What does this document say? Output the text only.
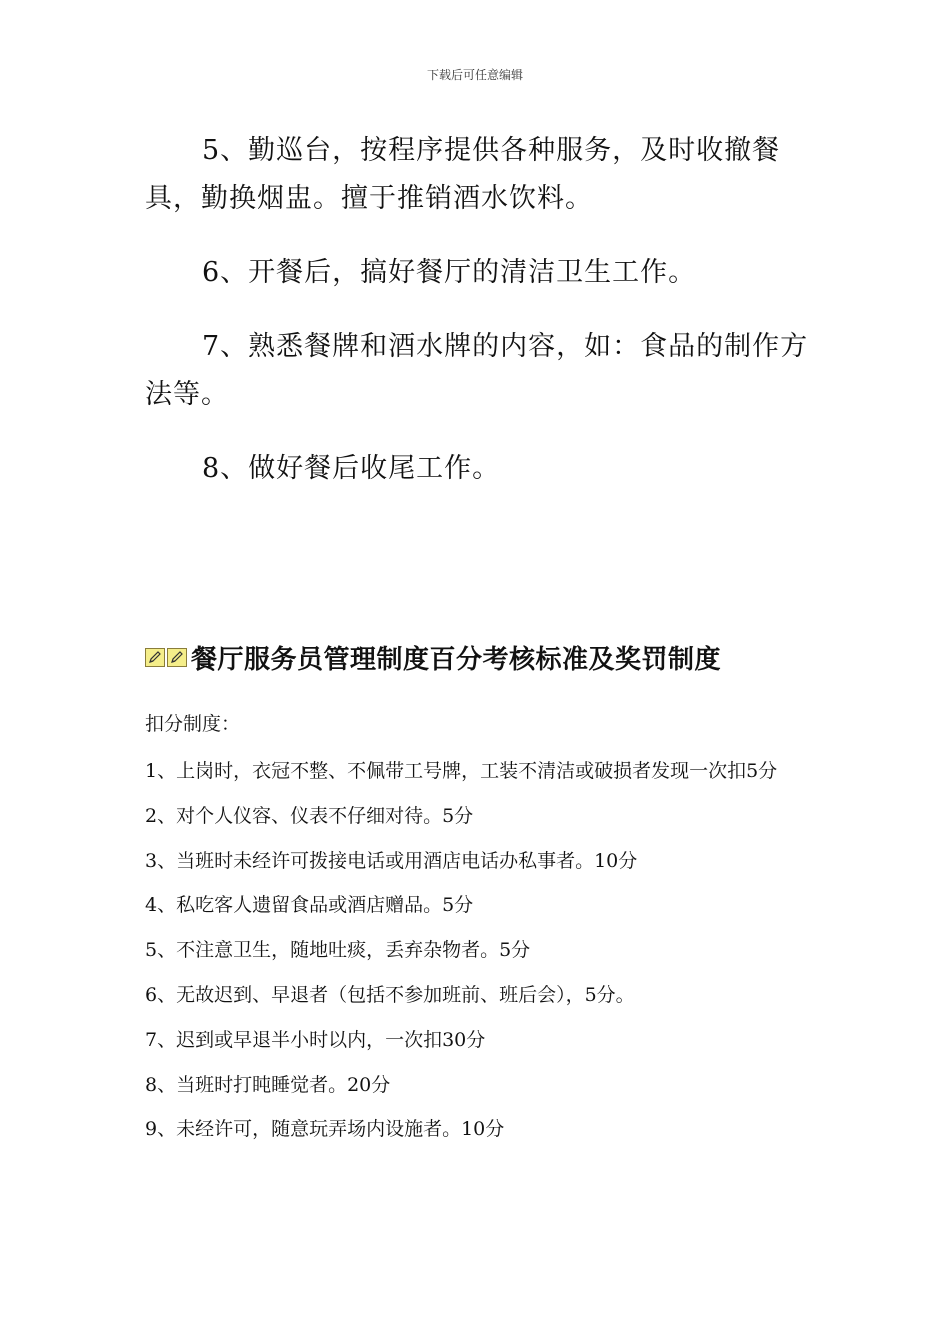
下载后可任意编辑

5、勤巡台，按程序提供各种服务，及时收撤餐具，勤换烟盅。擅于推销酒水饮料。

6、开餐后，搞好餐厅的清洁卫生工作。

7、熟悉餐牌和酒水牌的内容，如：食品的制作方法等。

8、做好餐后收尾工作。

餐厅服务员管理制度百分考核标准及奖罚制度

扣分制度：

1、上岗时，衣冠不整、不佩带工号牌，工装不清洁或破损者发现一次扣5分
2、对个人仪容、仪表不仔细对待。5分
3、当班时未经许可拨接电话或用酒店电话办私事者。10分
4、私吃客人遗留食品或酒店赠品。5分
5、不注意卫生，随地吐痰，丢弃杂物者。5分
6、无故迟到、早退者（包括不参加班前、班后会），5分。
7、迟到或早退半小时以内，一次扣30分
8、当班时打盹睡觉者。20分
9、未经许可，随意玩弄场内设施者。10分
